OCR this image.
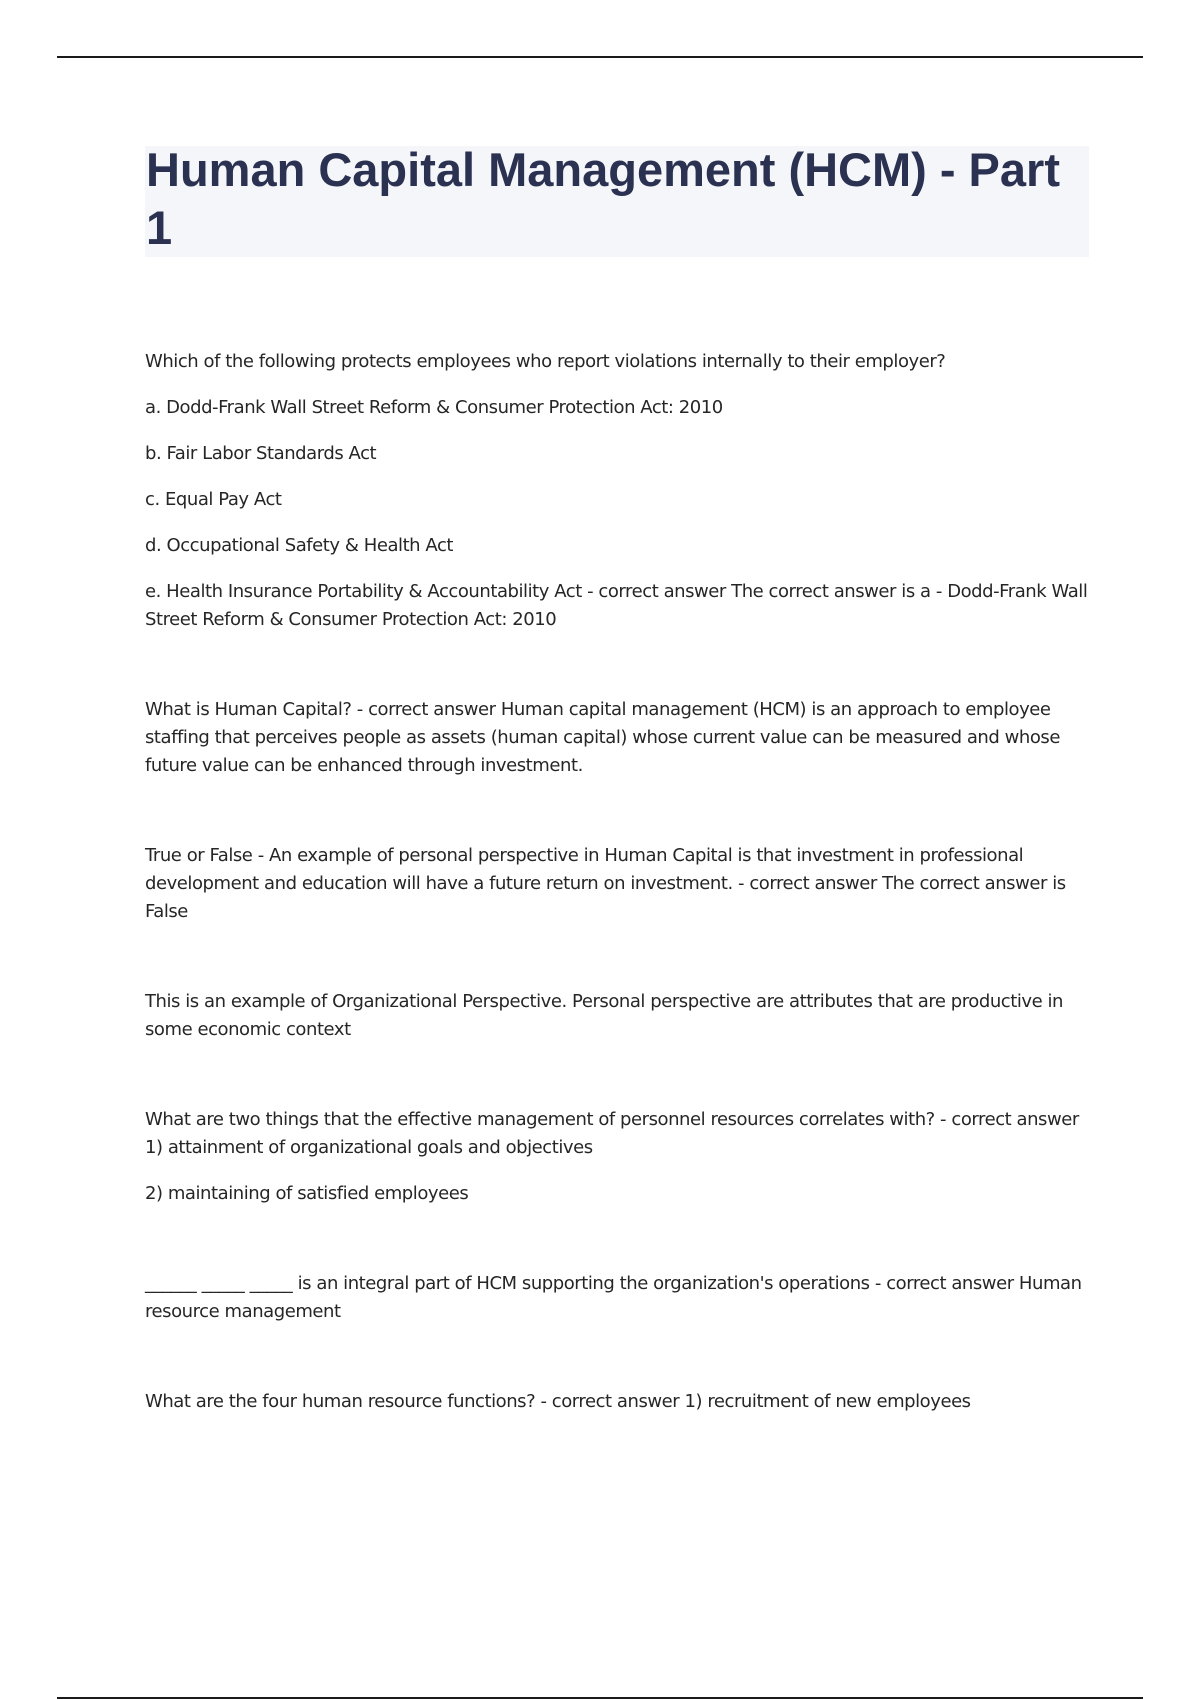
Human Capital Management (HCM) - Part 1

Which of the following protects employees who report violations internally to their employer?

a. Dodd-Frank Wall Street Reform & Consumer Protection Act: 2010

b. Fair Labor Standards Act

c. Equal Pay Act

d. Occupational Safety & Health Act

e. Health Insurance Portability & Accountability Act - correct answer The correct answer is a - Dodd-Frank Wall Street Reform & Consumer Protection Act: 2010

What is Human Capital? - correct answer Human capital management (HCM) is an approach to employee staffing that perceives people as assets (human capital) whose current value can be measured and whose future value can be enhanced through investment.

True or False - An example of personal perspective in Human Capital is that investment in professional development and education will have a future return on investment. - correct answer The correct answer is False

This is an example of Organizational Perspective. Personal perspective are attributes that are productive in some economic context

What are two things that the effective management of personnel resources correlates with? - correct answer 1) attainment of organizational goals and objectives

2) maintaining of satisfied employees

______ _____ _____ is an integral part of HCM supporting the organization's operations - correct answer Human resource management

What are the four human resource functions? - correct answer 1) recruitment of new employees
